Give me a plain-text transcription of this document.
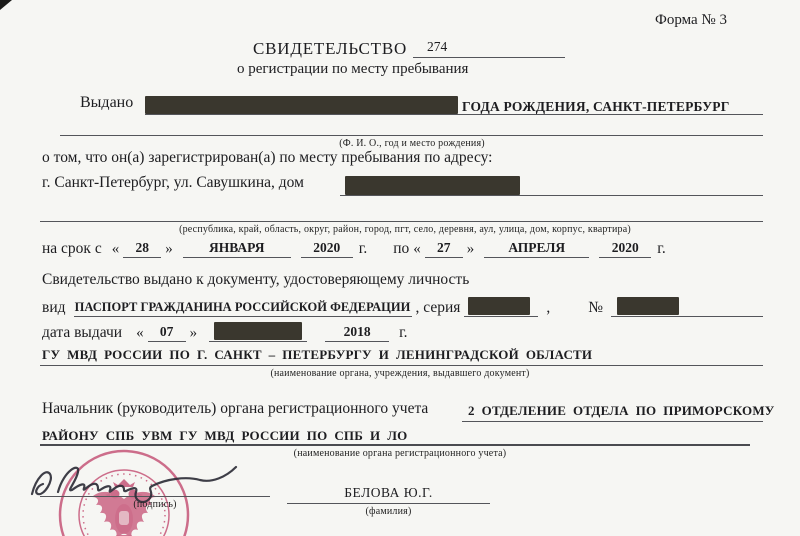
Форма № 3
СВИДЕТЕЛЬСТВО	274
о регистрации по месту пребывания
Выдано	ГОДА РОЖДЕНИЯ, САНКТ-ПЕТЕРБУРГ
(Ф. И. О., год и место рождения)
о том, что он(а) зарегистрирован(а) по месту пребывания по адресу:
г. Санкт-Петербург, ул. Савушкина, дом
(республика, край, область, округ, район, город, пгт, село, деревня, аул, улица, дом, корпус, квартира)
на срок с «	28	»	ЯНВАРЯ	2020	г. по «	27	»	АПРЕЛЯ	2020	г.
Свидетельство выдано к документу, удостоверяющему личность
вид ПАСПОРТ ГРАЖДАНИНА РОССИЙСКОЙ ФЕДЕРАЦИИ , серия	, №
дата выдачи «	07	»	2018	г.
ГУ МВД РОССИИ ПО Г. САНКТ – ПЕТЕРБУРГУ И ЛЕНИНГРАДСКОЙ ОБЛАСТИ
(наименование органа, учреждения, выдавшего документ)
Начальник (руководитель) органа регистрационного учета	2 ОТДЕЛЕНИЕ ОТДЕЛА ПО ПРИМОРСКОМУ
РАЙОНУ СПБ УВМ ГУ МВД РОССИИ ПО СПБ И ЛО
(наименование органа регистрационного учета)
(подпись)
БЕЛОВА Ю.Г.
(фамилия)
